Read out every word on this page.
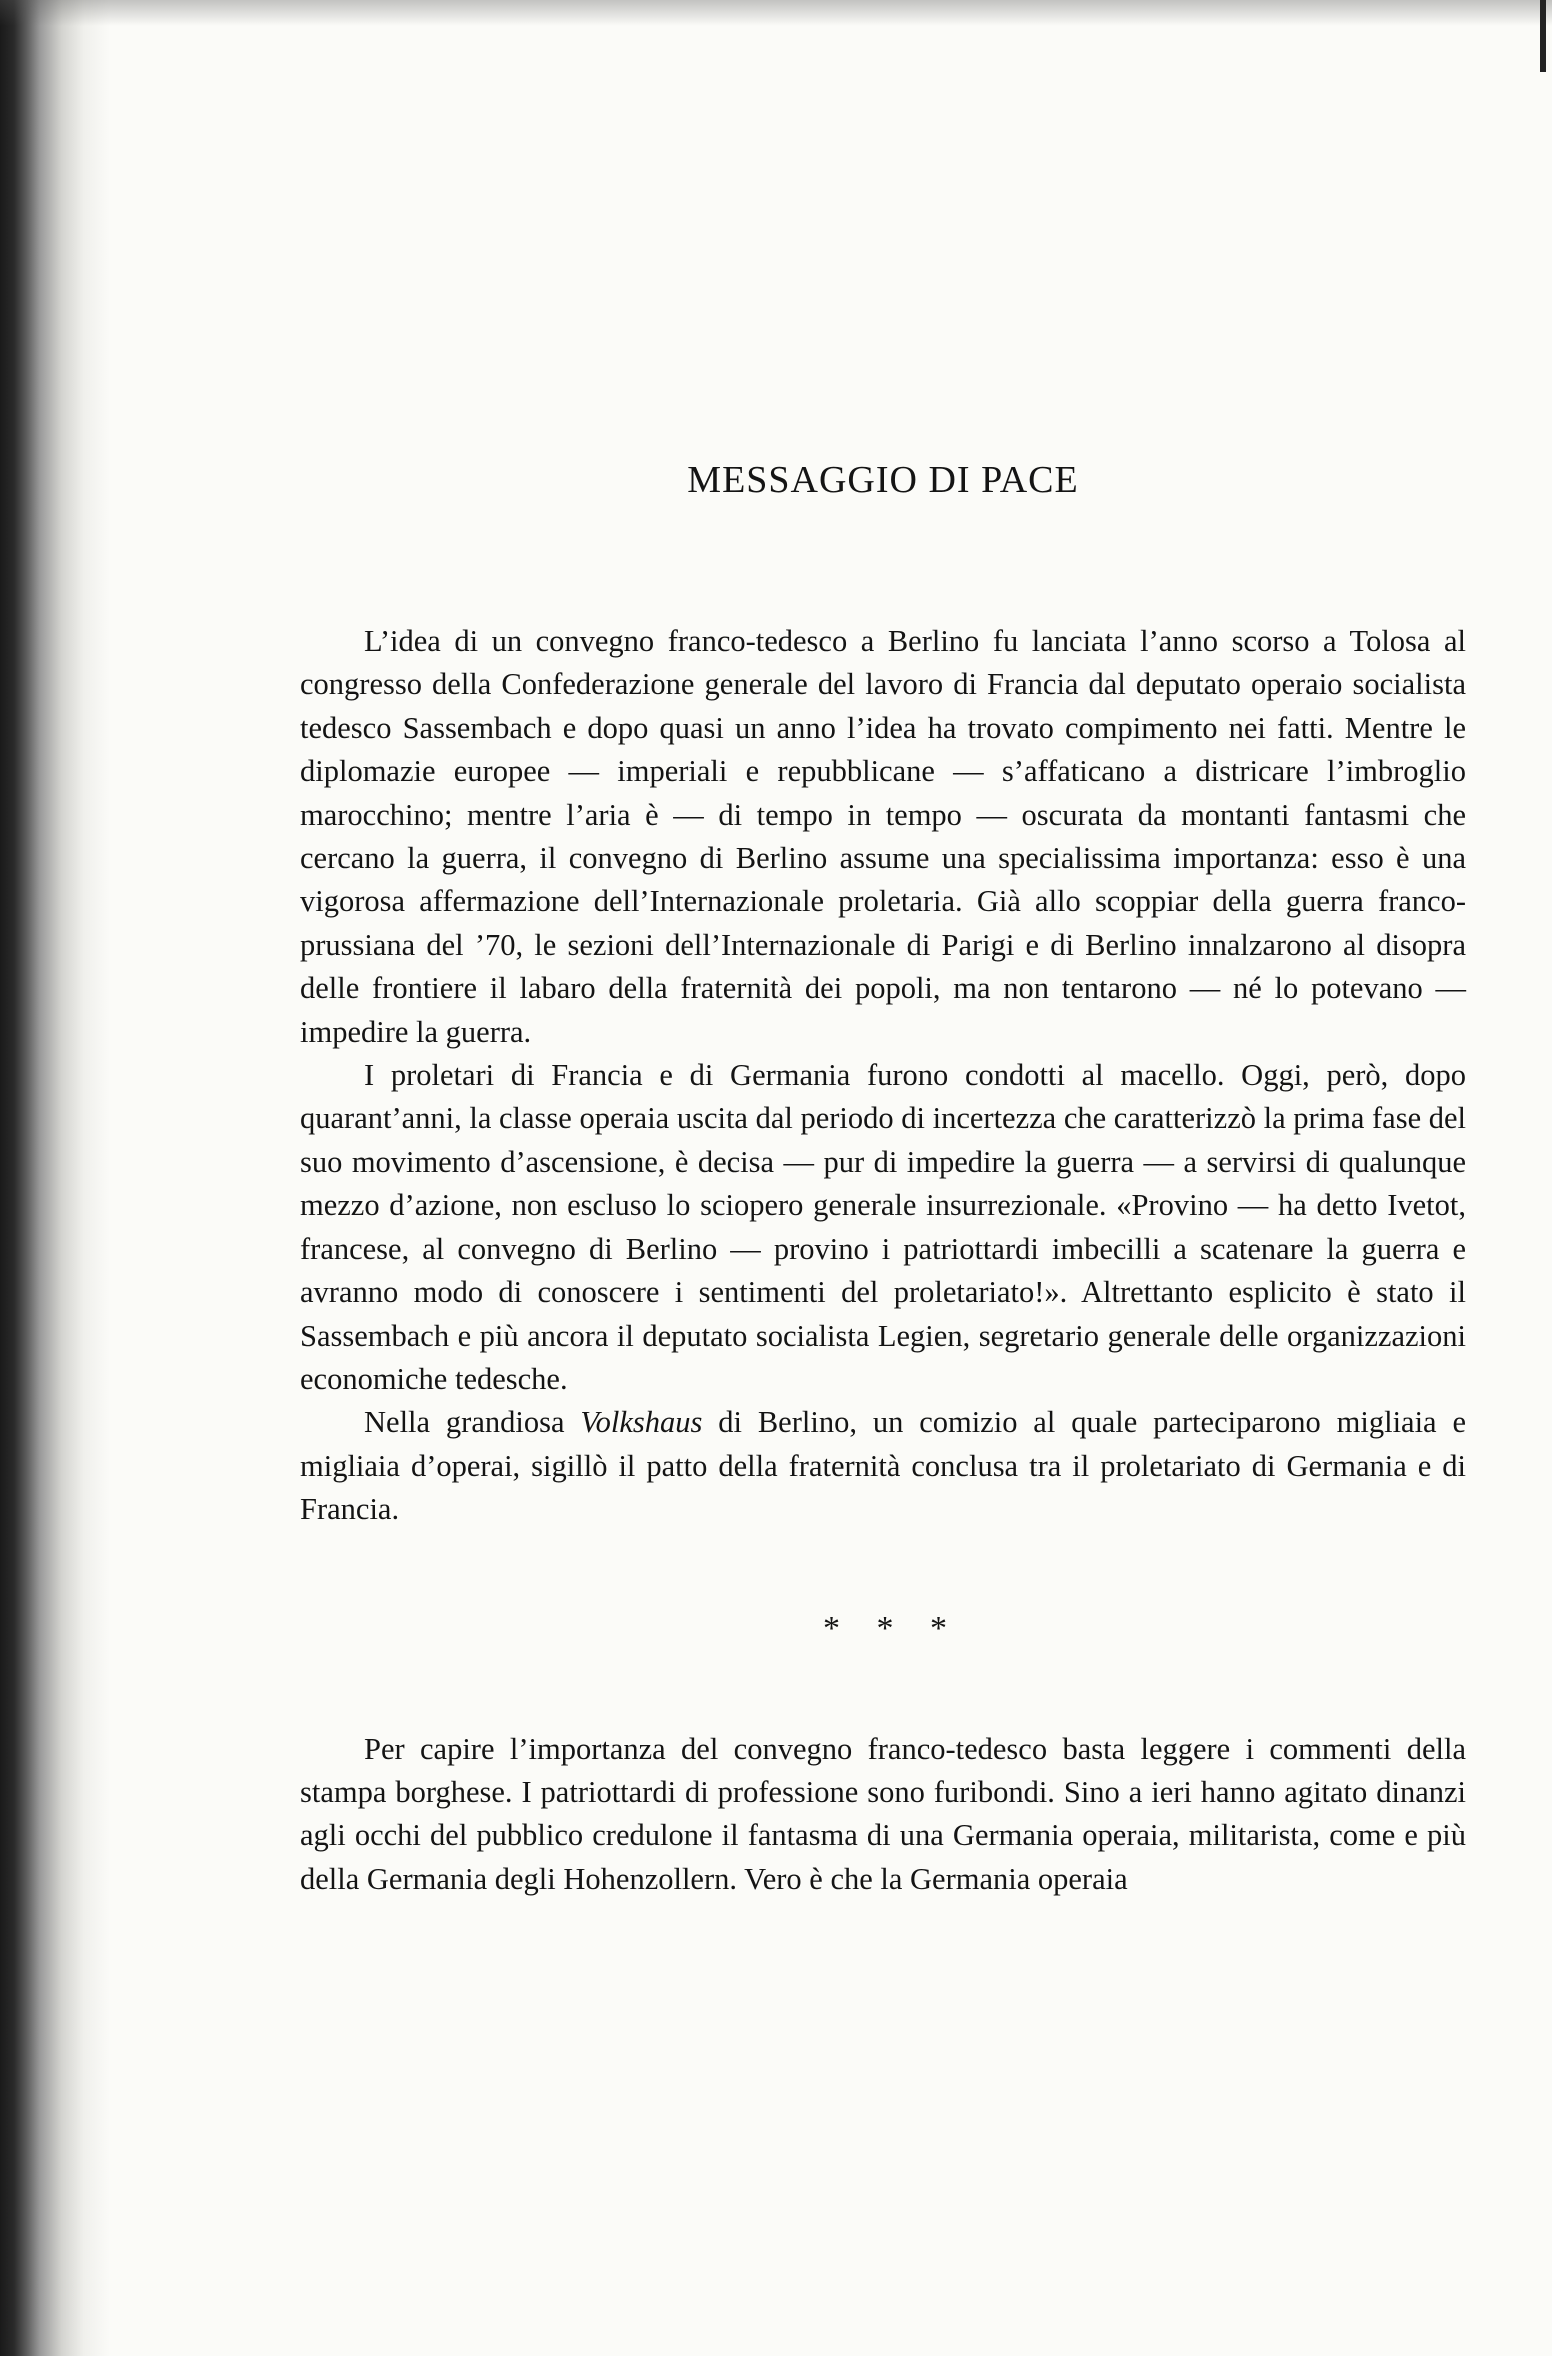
MESSAGGIO DI PACE

L’idea di un convegno franco-tedesco a Berlino fu lanciata l’anno scorso a Tolosa al congresso della Confederazione generale del lavoro di Francia dal deputato operaio socialista tedesco Sassembach e dopo quasi un anno l’idea ha trovato compimento nei fatti. Mentre le diplomazie europee — imperiali e repubblicane — s’affaticano a districare l’imbroglio marocchino; mentre l’aria è — di tempo in tempo — oscurata da montanti fantasmi che cercano la guerra, il convegno di Berlino assume una specialissima importanza: esso è una vigorosa affermazione dell’Internazionale proletaria. Già allo scoppiar della guerra franco-prussiana del ’70, le sezioni dell’Internazionale di Parigi e di Berlino innalzarono al disopra delle frontiere il labaro della fraternità dei popoli, ma non tentarono — né lo potevano — impedire la guerra.

I proletari di Francia e di Germania furono condotti al macello. Oggi, però, dopo quarant’anni, la classe operaia uscita dal periodo di incertezza che caratterizzò la prima fase del suo movimento d’ascensione, è decisa — pur di impedire la guerra — a servirsi di qualunque mezzo d’azione, non escluso lo sciopero generale insurrezionale. «Provino — ha detto Ivetot, francese, al convegno di Berlino — provino i patriottardi imbecilli a scatenare la guerra e avranno modo di conoscere i sentimenti del proletariato!». Altrettanto esplicito è stato il Sassembach e più ancora il deputato socialista Legien, segretario generale delle organizzazioni economiche tedesche.

Nella grandiosa Volkshaus di Berlino, un comizio al quale parteciparono migliaia e migliaia d’operai, sigillò il patto della fraternità conclusa tra il proletariato di Germania e di Francia.

* * *

Per capire l’importanza del convegno franco-tedesco basta leggere i commenti della stampa borghese. I patriottardi di professione sono furibondi. Sino a ieri hanno agitato dinanzi agli occhi del pubblico credulone il fantasma di una Germania operaia, militarista, come e più della Germania degli Hohenzollern. Vero è che la Germania operaia
